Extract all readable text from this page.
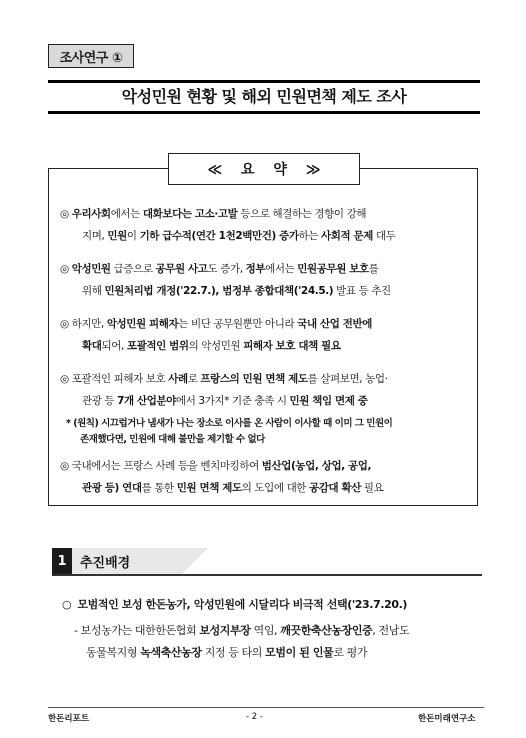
조사연구 ①
악성민원 현황 및 해외 민원면책 제도 조사
≪ 요 약 ≫
◎ 우리사회에서는 대화보다는 고소·고발 등으로 해결하는 경향이 강해
지며, 민원이 기하 급수적(연간 1천2백만건) 증가하는 사회적 문제 대두
◎ 악성민원 급증으로 공무원 사고도 증가, 정부에서는 민원공무원 보호를
위해 민원처리법 개정('22.7.), 범정부 종합대책('24.5.) 발표 등 추진
◎ 하지만, 악성민원 피해자는 비단 공무원뿐만 아니라 국내 산업 전반에
확대되어, 포괄적인 범위의 악성민원 피해자 보호 대책 필요
◎ 포괄적인 피해자 보호 사례로 프랑스의 민원 면책 제도를 살펴보면, 농업·
관광 등 7개 산업분야에서 3가지* 기준 충족 시 민원 책임 면제 중
* (원칙) 시끄럽거나 냄새가 나는 장소로 이사를 온 사람이 이사할 때 이미 그 민원이
존재했다면, 민원에 대해 불만을 제기할 수 없다
◎ 국내에서는 프랑스 사례 등을 벤치마킹하여 범산업(농업, 상업, 공업,
관광 등) 연대를 통한 민원 면책 제도의 도입에 대한 공감대 확산 필요
1	추진배경
○ 모범적인 보성 한돈농가, 악성민원에 시달리다 비극적 선택('23.7.20.)
- 보성농가는 대한한돈협회 보성지부장 역임, 깨끗한축산농장인증, 전남도
동물복지형 녹색축산농장 지정 등 타의 모범이 된 인물로 평가
한돈리포트	- 2 -	한돈미래연구소
